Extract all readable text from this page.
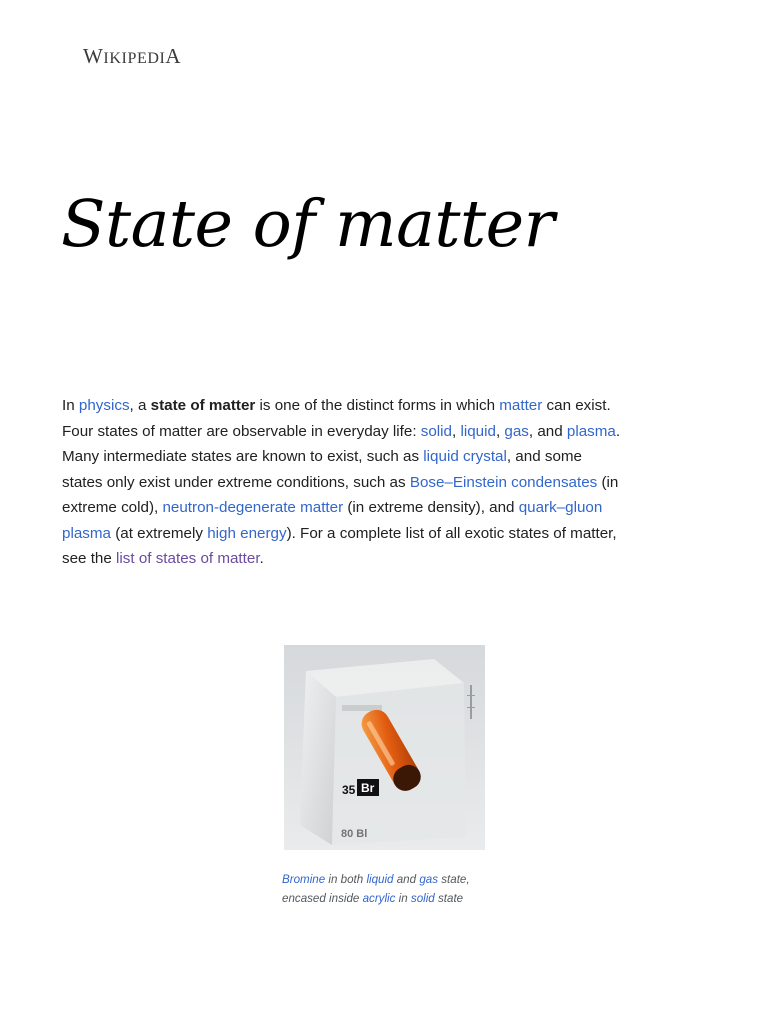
WIKIPEDIA
State of matter

In physics, a state of matter is one of the distinct forms in which matter can exist. Four states of matter are observable in everyday life: solid, liquid, gas, and plasma. Many intermediate states are known to exist, such as liquid crystal, and some states only exist under extreme conditions, such as Bose–Einstein condensates (in extreme cold), neutron-degenerate matter (in extreme density), and quark–gluon plasma (at extremely high energy). For a complete list of all exotic states of matter, see the list of states of matter.

35 Br
80 Bl

Bromine in both liquid and gas state, encased inside acrylic in solid state
